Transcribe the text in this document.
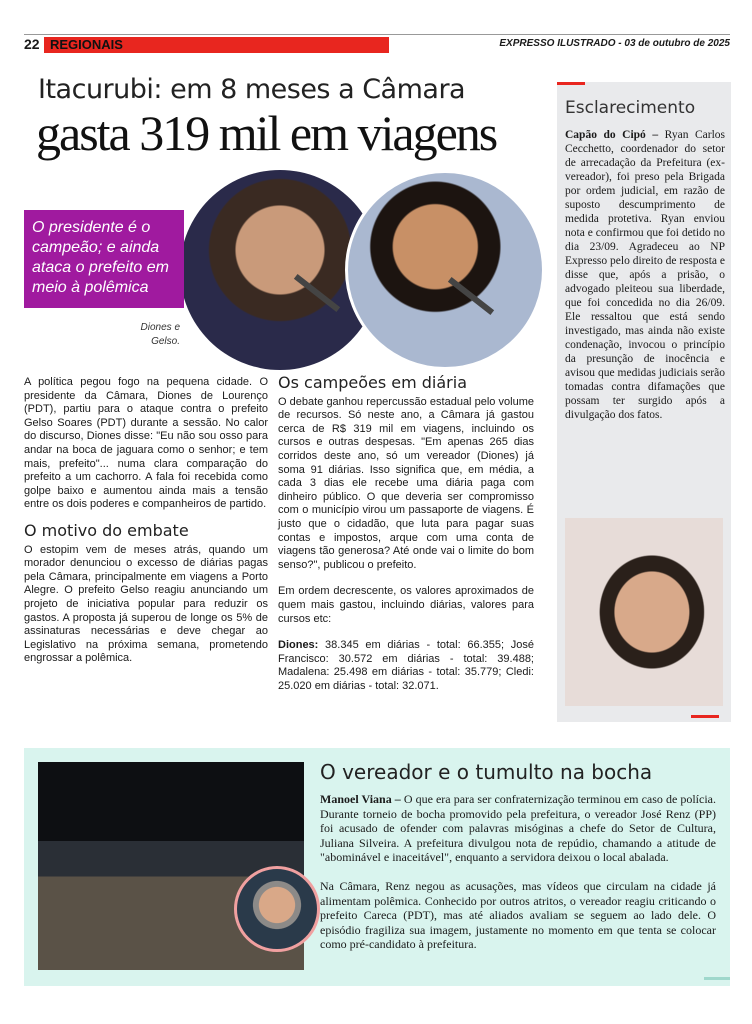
22 REGIONAIS	EXPRESSO ILUSTRADO - 03 de outubro de 2025
Itacurubi: em 8 meses a Câmara
gasta 319 mil em viagens
O presidente é o campeão; e ainda ataca o prefeito em meio à polêmica
Diones e Gelso.

A política pegou fogo na pequena cidade. O presidente da Câmara, Diones de Lourenço (PDT), partiu para o ataque contra o prefeito Gelso Soares (PDT) durante a sessão. No calor do discurso, Diones disse: "Eu não sou osso para andar na boca de jaguara como o senhor; e tem mais, prefeito"... numa clara comparação do prefeito a um cachorro. A fala foi recebida como golpe baixo e aumentou ainda mais a tensão entre os dois poderes e companheiros de partido.

O motivo do embate

O estopim vem de meses atrás, quando um morador denunciou o excesso de diárias pagas pela Câmara, principalmente em viagens a Porto Alegre. O prefeito Gelso reagiu anunciando um projeto de iniciativa popular para reduzir os gastos. A proposta já superou de longe os 5% de assinaturas necessárias e deve chegar ao Legislativo na próxima semana, prometendo engrossar a polêmica.

Os campeões em diária

O debate ganhou repercussão estadual pelo volume de recursos. Só neste ano, a Câmara já gastou cerca de R$ 319 mil em viagens, incluindo os cursos e outras despesas. "Em apenas 265 dias corridos deste ano, só um vereador (Diones) já soma 91 diárias. Isso significa que, em média, a cada 3 dias ele recebe uma diária paga com dinheiro público. O que deveria ser compromisso com o município virou um passaporte de viagens. É justo que o cidadão, que luta para pagar suas contas e impostos, arque com uma conta de viagens tão generosa? Até onde vai o limite do bom senso?", publicou o prefeito.

Em ordem decrescente, os valores aproximados de quem mais gastou, incluindo diárias, valores para cursos etc:

Diones: 38.345 em diárias - total: 66.355; José Francisco: 30.572 em diárias - total: 39.488; Madalena: 25.498 em diárias - total: 35.779; Cledi: 25.020 em diárias - total: 32.071.

Esclarecimento
Capão do Cipó – Ryan Carlos Cecchetto, coordenador do setor de arrecadação da Prefeitura (ex-vereador), foi preso pela Brigada por ordem judicial, em razão de suposto descumprimento de medida protetiva. Ryan enviou nota e confirmou que foi detido no dia 23/09. Agradeceu ao NP Expresso pelo direito de resposta e disse que, após a prisão, o advogado pleiteou sua liberdade, que foi concedida no dia 26/09. Ele ressaltou que está sendo investigado, mas ainda não existe condenação, invocou o princípio da presunção de inocência e avisou que medidas judiciais serão tomadas contra difamações que possam ter surgido após a divulgação dos fatos.
O vereador e o tumulto na bocha

Manoel Viana – O que era para ser confraternização terminou em caso de polícia. Durante torneio de bocha promovido pela prefeitura, o vereador José Renz (PP) foi acusado de ofender com palavras misóginas a chefe do Setor de Cultura, Juliana Silveira. A prefeitura divulgou nota de repúdio, chamando a atitude de "abominável e inaceitável", enquanto a servidora deixou o local abalada.

Na Câmara, Renz negou as acusações, mas vídeos que circulam na cidade já alimentam polêmica. Conhecido por outros atritos, o vereador reagiu criticando o prefeito Careca (PDT), mas até aliados avaliam se seguem ao lado dele. O episódio fragiliza sua imagem, justamente no momento em que tenta se colocar como pré-candidato à prefeitura.
